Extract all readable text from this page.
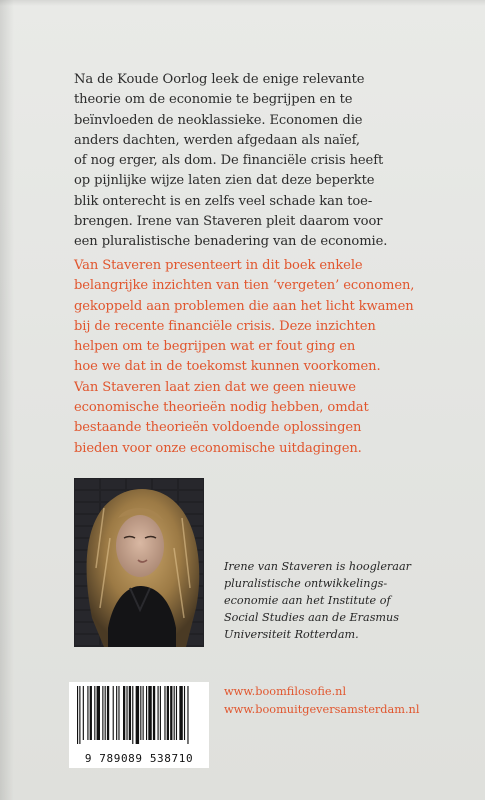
Na de Koude Oorlog leek de enige relevante
theorie om de economie te begrijpen en te
beïnvloeden de neoklassieke. Economen die
anders dachten, werden afgedaan als naïef,
of nog erger, als dom. De financiële crisis heeft
op pijnlijke wijze laten zien dat deze beperkte
blik onterecht is en zelfs veel schade kan toe-
brengen. Irene van Staveren pleit daarom voor
een pluralistische benadering van de economie.

Van Staveren presenteert in dit boek enkele
belangrijke inzichten van tien ‘vergeten’ economen,
gekoppeld aan problemen die aan het licht kwamen
bij de recente financiële crisis. Deze inzichten
helpen om te begrijpen wat er fout ging en
hoe we dat in de toekomst kunnen voorkomen.
Van Staveren laat zien dat we geen nieuwe
economische theorieën nodig hebben, omdat
bestaande theorieën voldoende oplossingen
bieden voor onze economische uitdagingen.

Irene van Staveren is hoogleraar
pluralistische ontwikkelings-
economie aan het Institute of
Social Studies aan de Erasmus
Universiteit Rotterdam.
9 789089 538710
www.boomfilosofie.nl
www.boomuitgeversamsterdam.nl
